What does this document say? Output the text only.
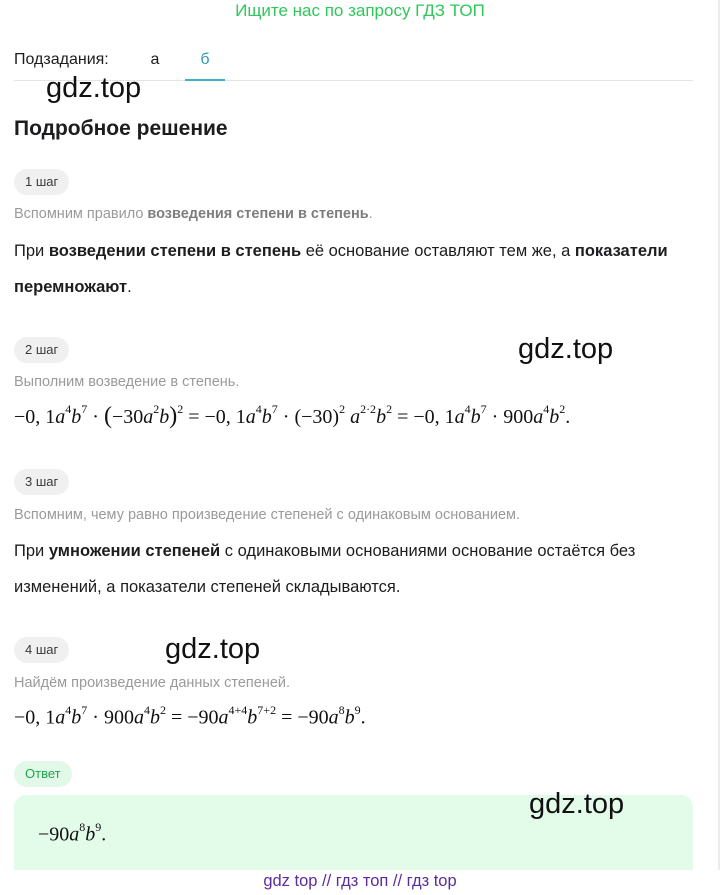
Ищите нас по запросу ГДЗ ТОП
Подзадания:	а	б
gdz.top
Подробное решение
1 шаг
Вспомним правило возведения степени в степень.
При возведении степени в степень её основание оставляют тем же, а показатели перемножают.
2 шаг	gdz.top
Выполним возведение в степень.
−0, $1a^4b^7 \cdot (-30a^2b)^2 = -0$, $1a^4b^7 \cdot (-30)^2$ $a^{2\cdot 2}b^2 = -0$, $1a^4b^7 \cdot 900a^4b^2$.
3 шаг
Вспомним, чему равно произведение степеней с одинаковым основанием.
При умножении степеней с одинаковыми основаниями основание остаётся без изменений, а показатели степеней складываются.
4 шаг	gdz.top
Найдём произведение данных степеней.
−0, $1a^4b^7 \cdot 900a^4b^2 = -90a^{4+4}b^{7+2} = -90a^8b^9$.
Ответ
$-90a^8b^9$.
gdz.top
gdz top // гдз топ // гдз top
